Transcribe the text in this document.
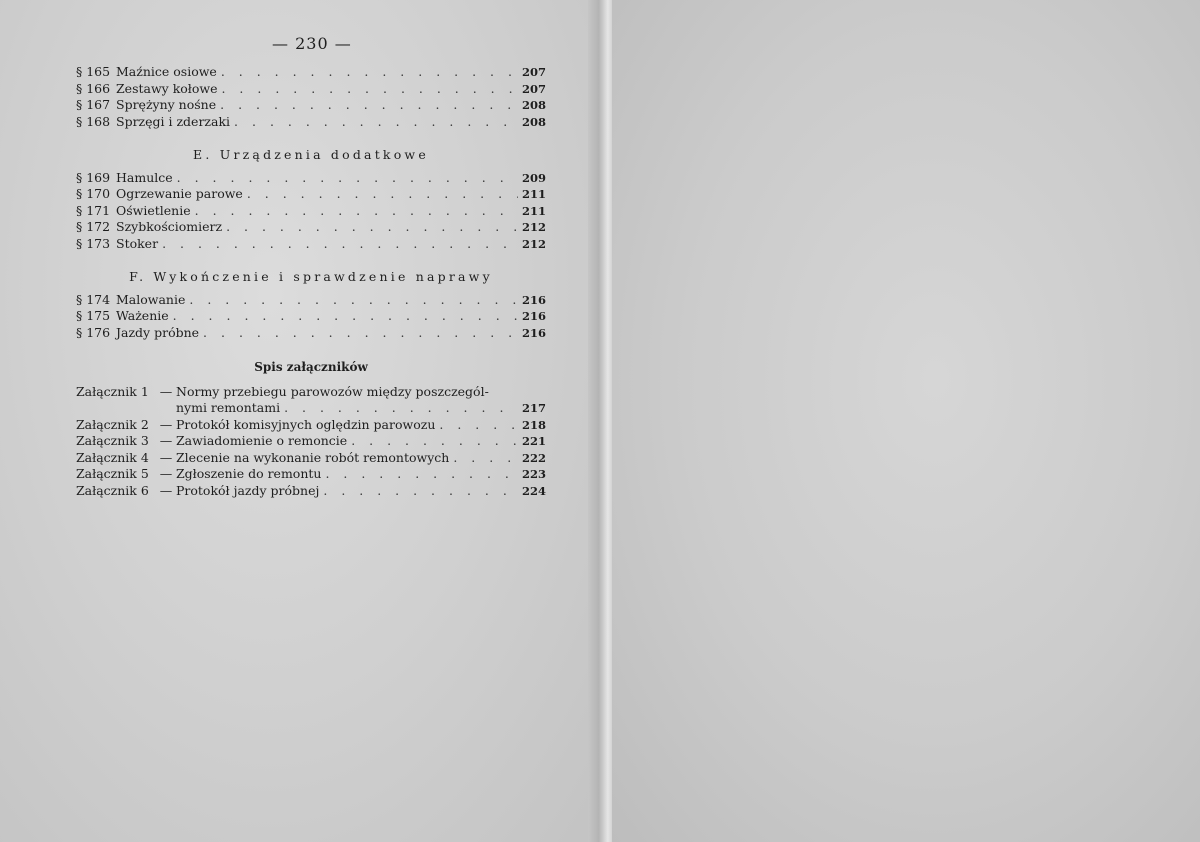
— 230 —
§ 165 Maźnice osiowe . . .	207
§ 166 Zestawy kołowe . . .	207
§ 167 Sprężyny nośne . . .	208
§ 168 Sprzęgi i zderzaki . . .	208
E. Urządzenia dodatkowe
§ 169 Hamulce . . .	209
§ 170 Ogrzewanie parowe . . .	211
§ 171 Oświetlenie . . .	211
§ 172 Szybkościomierz . . .	212
§ 173 Stoker . . .	212
F. Wykończenie i sprawdzenie naprawy
§ 174 Malowanie . . .	216
§ 175 Ważenie . . .	216
§ 176 Jazdy próbne . . .	216
Spis załączników
Załącznik 1 — Normy przebiegu parowozów między poszczegól-
nymi remontami . . .	217
Załącznik 2 — Protokół komisyjnych oględzin parowozu . . .	218
Załącznik 3 — Zawiadomienie o remoncie . . .	221
Załącznik 4 — Zlecenie na wykonanie robót remontowych . . .	222
Załącznik 5 — Zgłoszenie do remontu . . .	223
Załącznik 6 — Protokół jazdy próbnej . . .	224
